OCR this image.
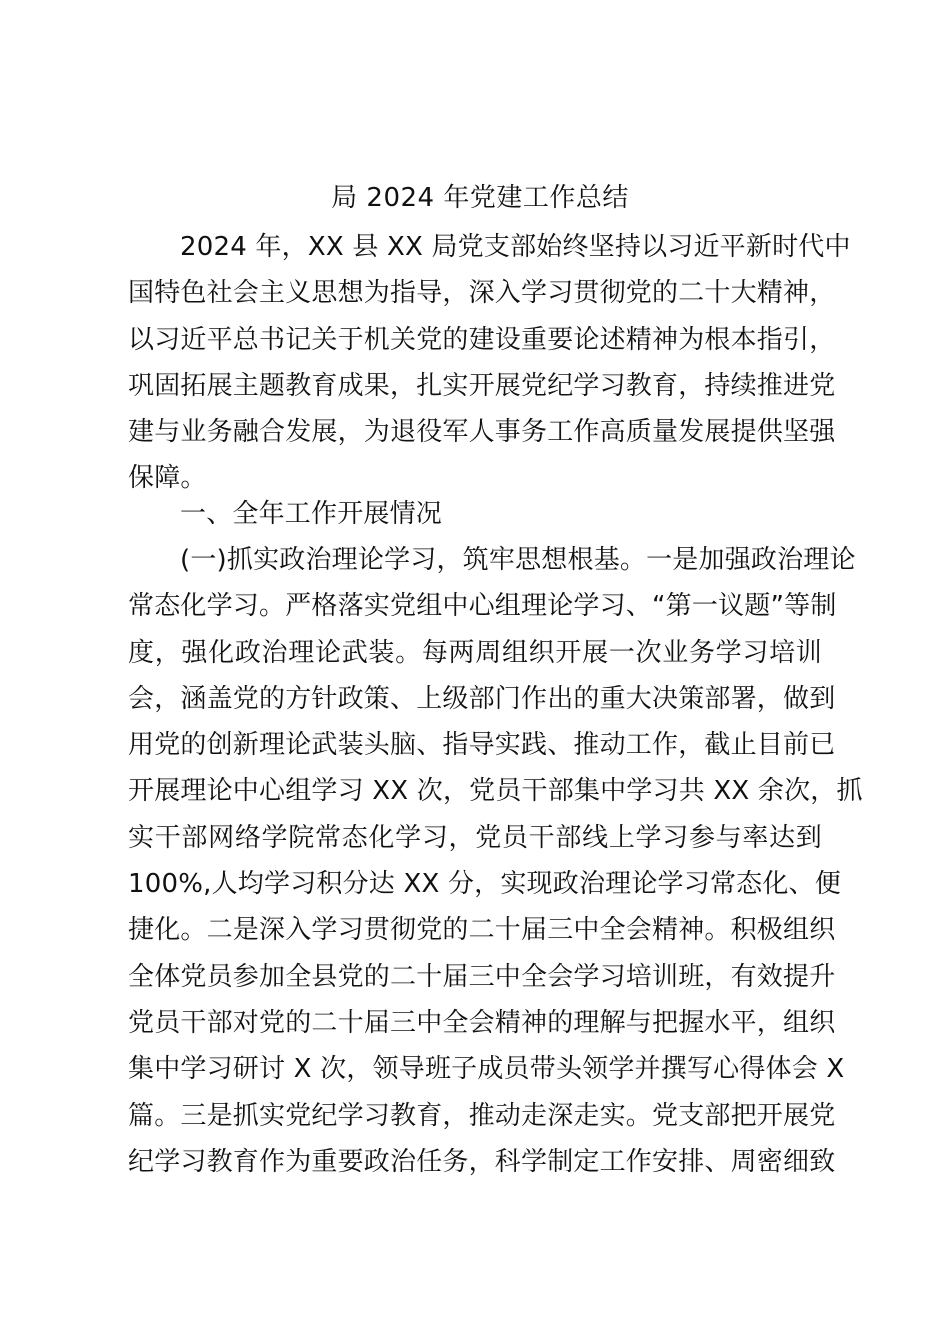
局 2024 年党建工作总结
2024 年，XX 县 XX 局党支部始终坚持以习近平新时代中
国特色社会主义思想为指导，深入学习贯彻党的二十大精神，
以习近平总书记关于机关党的建设重要论述精神为根本指引，
巩固拓展主题教育成果，扎实开展党纪学习教育，持续推进党
建与业务融合发展，为退役军人事务工作高质量发展提供坚强
保障。
一、全年工作开展情况
(一)抓实政治理论学习，筑牢思想根基。一是加强政治理论
常态化学习。严格落实党组中心组理论学习、“第一议题”等制
度，强化政治理论武装。每两周组织开展一次业务学习培训
会，涵盖党的方针政策、上级部门作出的重大决策部署，做到
用党的创新理论武装头脑、指导实践、推动工作，截止目前已
开展理论中心组学习 XX 次，党员干部集中学习共 XX 余次，抓
实干部网络学院常态化学习，党员干部线上学习参与率达到
100%,人均学习积分达 XX 分，实现政治理论学习常态化、便
捷化。二是深入学习贯彻党的二十届三中全会精神。积极组织
全体党员参加全县党的二十届三中全会学习培训班，有效提升
党员干部对党的二十届三中全会精神的理解与把握水平，组织
集中学习研讨 X 次，领导班子成员带头领学并撰写心得体会 X
篇。三是抓实党纪学习教育，推动走深走实。党支部把开展党
纪学习教育作为重要政治任务，科学制定工作安排、周密细致
